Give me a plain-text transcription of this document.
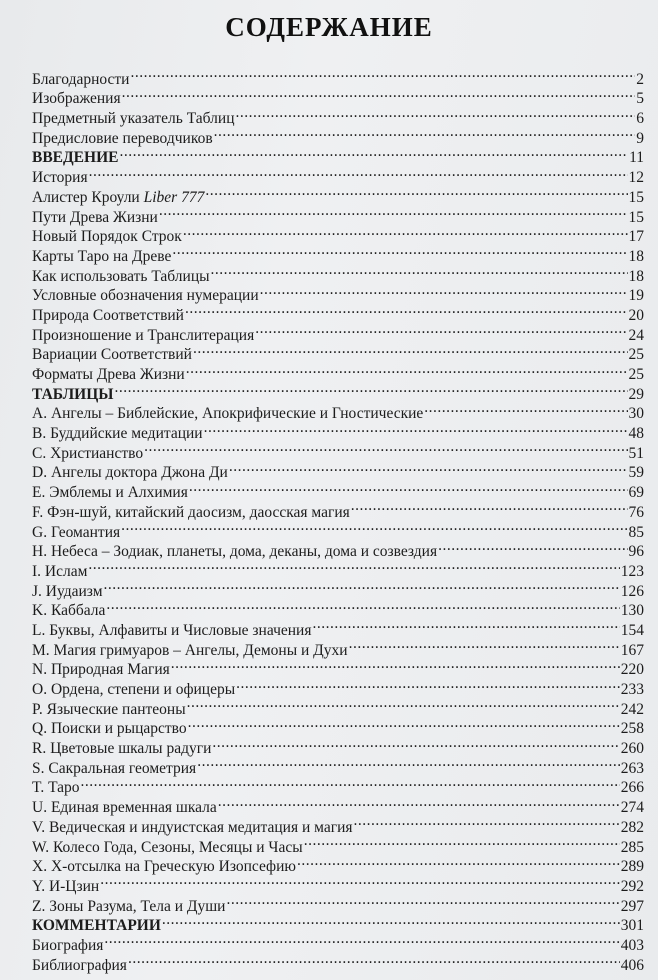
СОДЕРЖАНИЕ
Благодарности .....	2
Изображения .....	5
Предметный указатель Таблиц .....	6
Предисловие переводчиков .....	9
ВВЕДЕНИЕ .....	11
История .....	12
Алистер Кроули Liber 777 .....	15
Пути Древа Жизни .....	15
Новый Порядок Строк .....	17
Карты Таро на Древе .....	18
Как использовать Таблицы .....	18
Условные обозначения нумерации .....	19
Природа Соответствий .....	20
Произношение и Транслитерация .....	24
Вариации Соответствий .....	25
Форматы Древа Жизни .....	25
ТАБЛИЦЫ .....	29
A. Ангелы – Библейские, Апокрифические и Гностические .....	30
B. Буддийские медитации .....	48
C. Христианство .....	51
D. Ангелы доктора Джона Ди .....	59
E. Эмблемы и Алхимия .....	69
F. Фэн-шуй, китайский даосизм, даосская магия .....	76
G. Геомантия .....	85
H. Небеса – Зодиак, планеты, дома, деканы, дома и созвездия .....	96
I. Ислам .....	123
J. Иудаизм .....	126
K. Каббала .....	130
L. Буквы, Алфавиты и Числовые значения .....	154
M. Магия гримуаров – Ангелы, Демоны и Духи .....	167
N. Природная Магия .....	220
O. Ордена, степени и офицеры .....	233
P. Языческие пантеоны .....	242
Q. Поиски и рыцарство .....	258
R. Цветовые шкалы радуги .....	260
S. Сакральная геометрия .....	263
T. Таро .....	266
U. Единая временная шкала .....	274
V. Ведическая и индуистская медитация и магия .....	282
W. Колесо Года, Сезоны, Месяцы и Часы .....	285
X. X-отсылка на Греческую Изопсефию .....	289
Y. И-Цзин .....	292
Z. Зоны Разума, Тела и Души .....	297
КОММЕНТАРИИ .....	301
Биография .....	403
Библиография .....	406
